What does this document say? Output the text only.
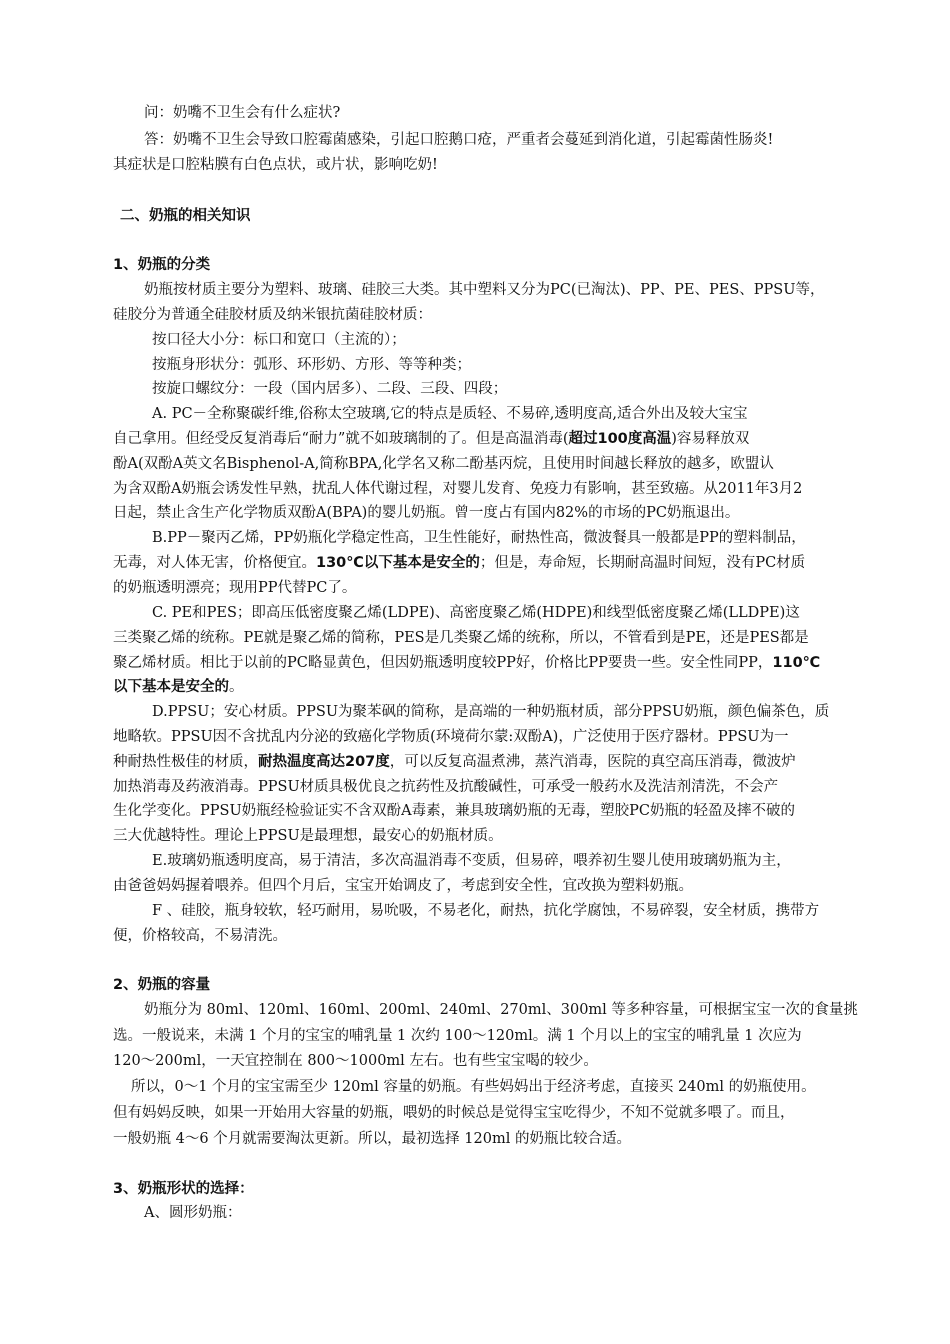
问：奶嘴不卫生会有什么症状?
答：奶嘴不卫生会导致口腔霉菌感染，引起口腔鹅口疮，严重者会蔓延到消化道，引起霉菌性肠炎!
其症状是口腔粘膜有白色点状，或片状，影响吃奶!
二、奶瓶的相关知识
1、奶瓶的分类
奶瓶按材质主要分为塑料、玻璃、硅胶三大类。其中塑料又分为PC(已淘汰)、PP、PE、PES、PPSU等，
硅胶分为普通全硅胶材质及纳米银抗菌硅胶材质：
按口径大小分：标口和宽口（主流的）；
按瓶身形状分：弧形、环形奶、方形、等等种类；
按旋口螺纹分：一段（国内居多）、二段、三段、四段；
A. PC－全称聚碳纤维,俗称太空玻璃,它的特点是质轻、不易碎,透明度高,适合外出及较大宝宝
自己拿用。但经受反复消毒后“耐力”就不如玻璃制的了。但是高温消毒(超过100度高温)容易释放双
酚A(双酚A英文名Bisphenol-A,简称BPA,化学名又称二酚基丙烷，且使用时间越长释放的越多，欧盟认
为含双酚A奶瓶会诱发性早熟，扰乱人体代谢过程，对婴儿发育、免疫力有影响，甚至致癌。从2011年3月2
日起，禁止含生产化学物质双酚A(BPA)的婴儿奶瓶。曾一度占有国内82%的市场的PC奶瓶退出。
B.PP－聚丙乙烯，PP奶瓶化学稳定性高，卫生性能好，耐热性高，微波餐具一般都是PP的塑料制品，
无毒，对人体无害，价格便宜。130℃以下基本是安全的；但是，寿命短，长期耐高温时间短，没有PC材质
的奶瓶透明漂亮；现用PP代替PC了。
C. PE和PES；即高压低密度聚乙烯(LDPE)、高密度聚乙烯(HDPE)和线型低密度聚乙烯(LLDPE)这
三类聚乙烯的统称。PE就是聚乙烯的简称，PES是几类聚乙烯的统称，所以，不管看到是PE，还是PES都是
聚乙烯材质。相比于以前的PC略显黄色，但因奶瓶透明度较PP好，价格比PP要贵一些。安全性同PP，110℃
以下基本是安全的。
D.PPSU；安心材质。PPSU为聚苯砜的简称，是高端的一种奶瓶材质，部分PPSU奶瓶，颜色偏茶色，质
地略软。PPSU因不含扰乱内分泌的致癌化学物质(环境荷尔蒙:双酚A)，广泛使用于医疗器材。PPSU为一
种耐热性极佳的材质，耐热温度高达207度，可以反复高温煮沸，蒸汽消毒，医院的真空高压消毒，微波炉
加热消毒及药液消毒。PPSU材质具极优良之抗药性及抗酸碱性，可承受一般药水及洗洁剂清洗，不会产
生化学变化。PPSU奶瓶经检验证实不含双酚A毒素，兼具玻璃奶瓶的无毒，塑胶PC奶瓶的轻盈及摔不破的
三大优越特性。理论上PPSU是最理想，最安心的奶瓶材质。
E.玻璃奶瓶透明度高，易于清洁，多次高温消毒不变质，但易碎，喂养初生婴儿使用玻璃奶瓶为主，
由爸爸妈妈握着喂养。但四个月后，宝宝开始调皮了，考虑到安全性，宜改换为塑料奶瓶。
F 、硅胶，瓶身较软，轻巧耐用，易吮吸，不易老化，耐热，抗化学腐蚀，不易碎裂，安全材质，携带方
便，价格较高，不易清洗。
2、奶瓶的容量
奶瓶分为 80ml、120ml、160ml、200ml、240ml、270ml、300ml 等多种容量，可根据宝宝一次的食量挑
选。一般说来，未满 1 个月的宝宝的哺乳量 1 次约 100～120ml。满 1 个月以上的宝宝的哺乳量 1 次应为
120～200ml，一天宜控制在 800～1000ml 左右。也有些宝宝喝的较少。
所以，0～1 个月的宝宝需至少 120ml 容量的奶瓶。有些妈妈出于经济考虑，直接买 240ml 的奶瓶使用。
但有妈妈反映，如果一开始用大容量的奶瓶，喂奶的时候总是觉得宝宝吃得少，不知不觉就多喂了。而且，
一般奶瓶 4～6 个月就需要淘汰更新。所以，最初选择 120ml 的奶瓶比较合适。
3、奶瓶形状的选择：
A、圆形奶瓶：
